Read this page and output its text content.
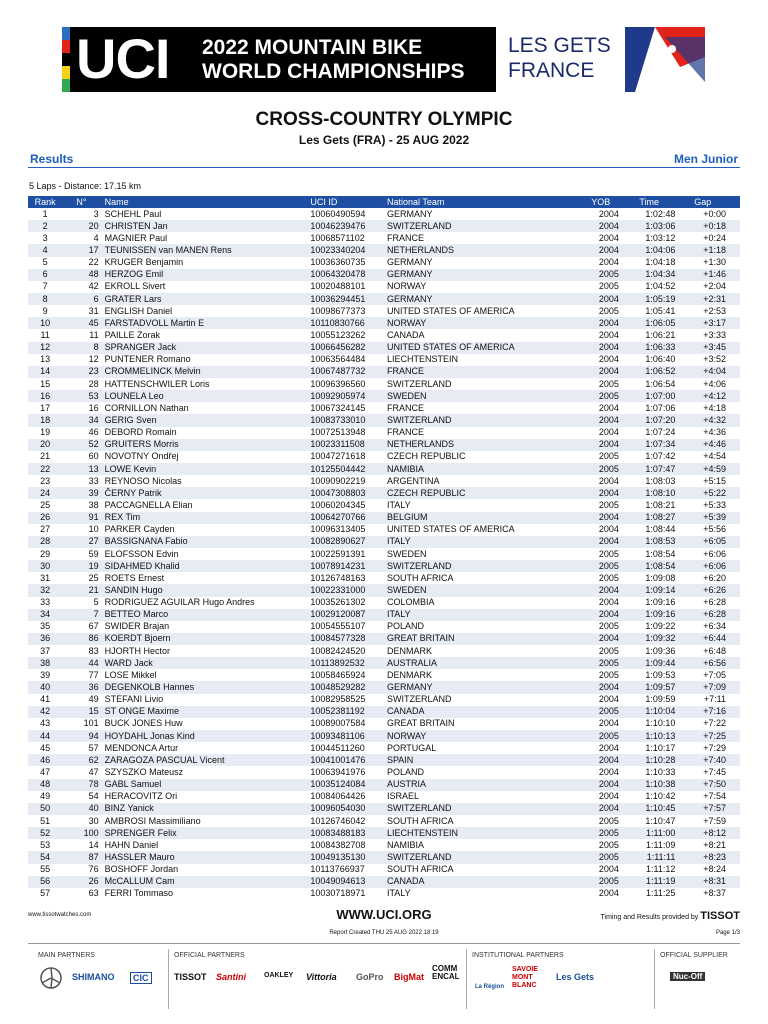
UCI 2022 MOUNTAIN BIKE
WORLD CHAMPIONSHIPS
LES GETS
FRANCE
CROSS-COUNTRY OLYMPIC
Les Gets (FRA) - 25 AUG 2022
Results	Men Junior
5 Laps - Distance: 17.15 km
Rank	N°	Name	UCI ID	National Team	YOB	Time	Gap
1	3	SCHEHL Paul	10060490594	GERMANY	2004	1:02:48	+0:00
2	20	CHRISTEN Jan	10046239476	SWITZERLAND	2004	1:03:06	+0:18
3	4	MAGNIER Paul	10068571102	FRANCE	2004	1:03:12	+0:24
4	17	TEUNISSEN van MANEN Rens	10023340204	NETHERLANDS	2004	1:04:06	+1:18
5	22	KRUGER Benjamin	10036360735	GERMANY	2004	1:04:18	+1:30
6	48	HERZOG Emil	10064320478	GERMANY	2005	1:04:34	+1:46
7	42	EKROLL Sivert	10020488101	NORWAY	2005	1:04:52	+2:04
8	6	GRATER Lars	10036294451	GERMANY	2004	1:05:19	+2:31
9	31	ENGLISH Daniel	10098677373	UNITED STATES OF AMERICA	2005	1:05:41	+2:53
10	45	FARSTADVOLL Martin E	10110830766	NORWAY	2004	1:06:05	+3:17
11	11	PAILLE Zorak	10055123262	CANADA	2004	1:06:21	+3:33
12	8	SPRANGER Jack	10066456282	UNITED STATES OF AMERICA	2004	1:06:33	+3:45
13	12	PUNTENER Romano	10063564484	LIECHTENSTEIN	2004	1:06:40	+3:52
14	23	CROMMELINCK Melvin	10067487732	FRANCE	2004	1:06:52	+4:04
15	28	HATTENSCHWILER Loris	10096396560	SWITZERLAND	2005	1:06:54	+4:06
16	53	LOUNELA Leo	10092905974	SWEDEN	2005	1:07:00	+4:12
17	16	CORNILLON Nathan	10067324145	FRANCE	2004	1:07:06	+4:18
18	34	GERIG Sven	10083733010	SWITZERLAND	2004	1:07:20	+4:32
19	46	DEBORD Romain	10072513948	FRANCE	2004	1:07:24	+4:36
20	52	GRUITERS Morris	10023311508	NETHERLANDS	2004	1:07:34	+4:46
21	60	NOVOTNY Ondřej	10047271618	CZECH REPUBLIC	2005	1:07:42	+4:54
22	13	LOWE Kevin	10125504442	NAMIBIA	2005	1:07:47	+4:59
23	33	REYNOSO Nicolas	10090902219	ARGENTINA	2004	1:08:03	+5:15
24	39	ČERNY Patrik	10047308803	CZECH REPUBLIC	2004	1:08:10	+5:22
25	38	PACCAGNELLA Elian	10060204345	ITALY	2005	1:08:21	+5:33
26	91	REX Tim	10064270766	BELGIUM	2004	1:08:27	+5:39
27	10	PARKER Cayden	10096313405	UNITED STATES OF AMERICA	2004	1:08:44	+5:56
28	27	BASSIGNANA Fabio	10082890627	ITALY	2004	1:08:53	+6:05
29	59	ELOFSSON Edvin	10022591391	SWEDEN	2005	1:08:54	+6:06
30	19	SIDAHMED Khalid	10078914231	SWITZERLAND	2005	1:08:54	+6:06
31	25	ROETS Ernest	10126748163	SOUTH AFRICA	2005	1:09:08	+6:20
32	21	SANDIN Hugo	10022331000	SWEDEN	2004	1:09:14	+6:26
33	5	RODRIGUEZ AGUILAR Hugo Andres	10035261302	COLOMBIA	2004	1:09:16	+6:28
34	7	BETTEO Marco	10029120087	ITALY	2004	1:09:16	+6:28
35	67	SWIDER Brajan	10054555107	POLAND	2005	1:09:22	+6:34
36	86	KOERDT Bjoern	10084577328	GREAT BRITAIN	2004	1:09:32	+6:44
37	83	HJORTH Hector	10082424520	DENMARK	2005	1:09:36	+6:48
38	44	WARD Jack	10113892532	AUSTRALIA	2005	1:09:44	+6:56
39	77	LOSE Mikkel	10058465924	DENMARK	2005	1:09:53	+7:05
40	36	DEGENKOLB Hannes	10048529282	GERMANY	2004	1:09:57	+7:09
41	49	STEFANI Livio	10082958525	SWITZERLAND	2004	1:09:59	+7:11
42	15	ST ONGE Maxime	10052381192	CANADA	2005	1:10:04	+7:16
43	101	BUCK JONES Huw	10089007584	GREAT BRITAIN	2004	1:10:10	+7:22
44	94	HOYDAHL Jonas Kind	10093481106	NORWAY	2005	1:10:13	+7:25
45	57	MENDONCA Artur	10044511260	PORTUGAL	2004	1:10:17	+7:29
46	62	ZARAGOZA PASCUAL Vicent	10041001476	SPAIN	2004	1:10:28	+7:40
47	47	SZYSZKO Mateusz	10063941976	POLAND	2004	1:10:33	+7:45
48	78	GABL Samuel	10035124084	AUSTRIA	2004	1:10:38	+7:50
49	54	HERACOVITZ Ori	10084064426	ISRAEL	2004	1:10:42	+7:54
50	40	BINZ Yanick	10096054030	SWITZERLAND	2004	1:10:45	+7:57
51	30	AMBROSI Massimiliano	10126746042	SOUTH AFRICA	2005	1:10:47	+7:59
52	100	SPRENGER Felix	10083488183	LIECHTENSTEIN	2005	1:11:00	+8:12
53	14	HAHN Daniel	10084382708	NAMIBIA	2005	1:11:09	+8:21
54	87	HASSLER Mauro	10049135130	SWITZERLAND	2005	1:11:11	+8:23
55	76	BOSHOFF Jordan	10113766937	SOUTH AFRICA	2004	1:11:12	+8:24
56	26	McCALLUM Cam	10049094613	CANADA	2005	1:11:19	+8:31
57	63	FERRI Tommaso	10030718971	ITALY	2004	1:11:25	+8:37
www.tissotwatches.com	WWW.UCI.ORG	Timing and Results provided by TISSOT
Report Created THU 25 AUG 2022 18:19	Page 1/3
MAIN PARTNERS	OFFICIAL PARTNERS	INSTITUTIONAL PARTNERS	OFFICIAL SUPPLIER
SHIMANO	CIC	TISSOT Santini	OAKLEY Vittoria GoPro BigMat
COMMENCAL
La Région
SAVOIE MONT BLANC
Les Gets	Nuc-Off
